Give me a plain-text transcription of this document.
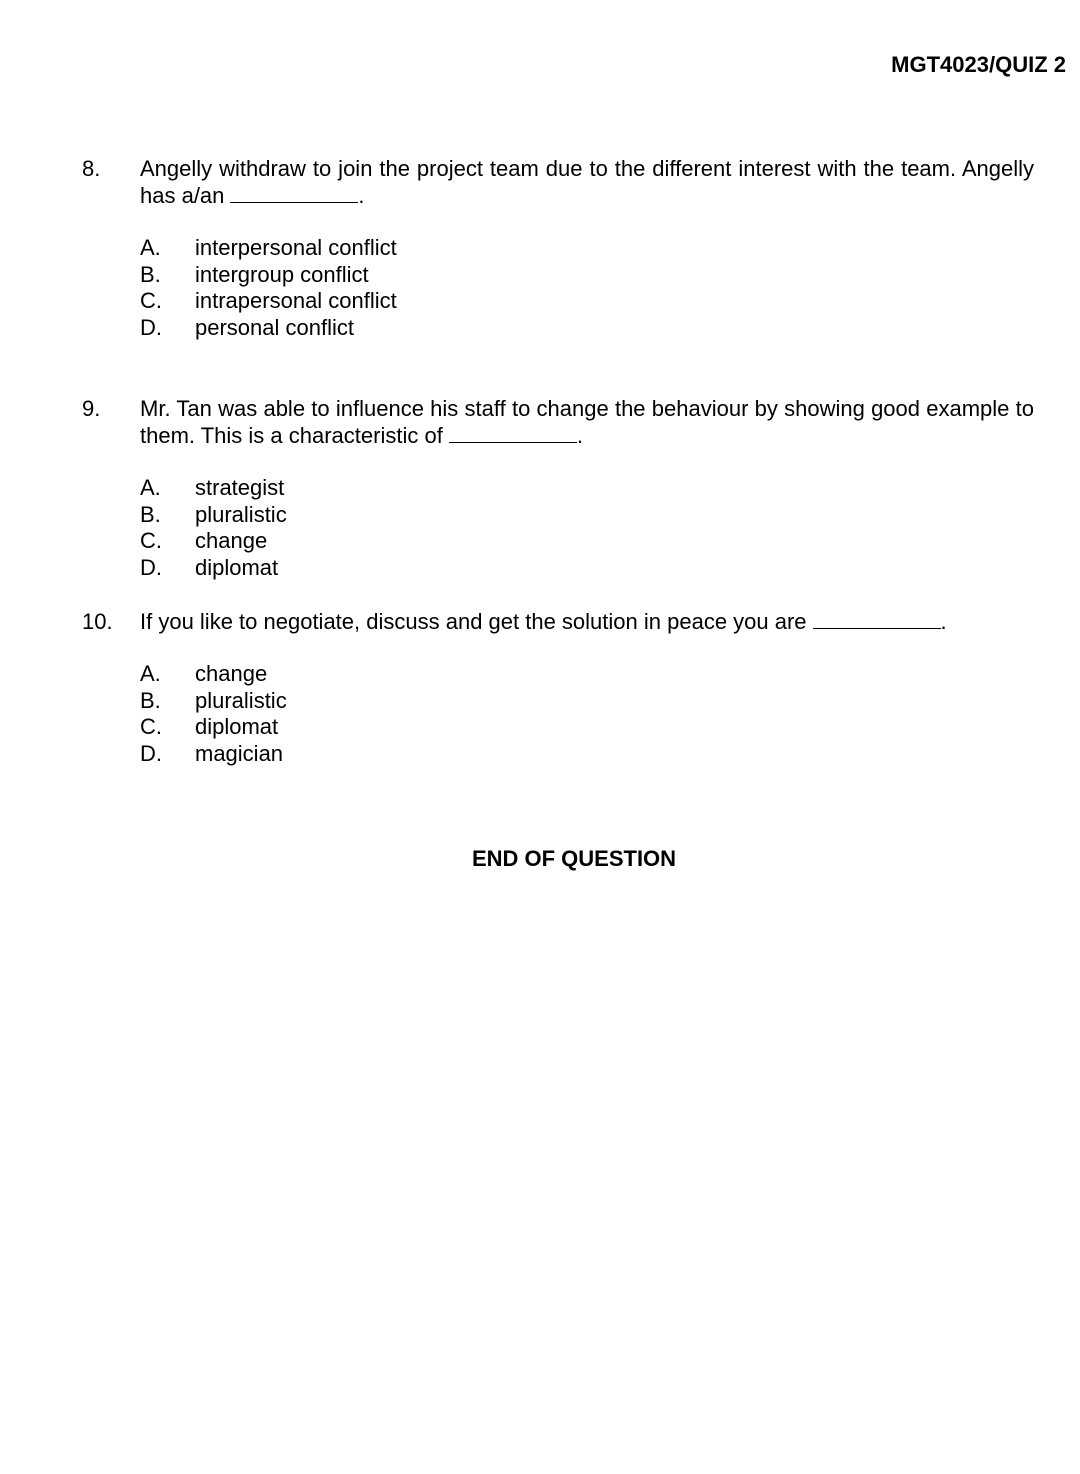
MGT4023/QUIZ 2
8. Angelly withdraw to join the project team due to the different interest with the team. Angelly has a/an	.
A.	interpersonal conflict
B.	intergroup conflict
C.	intrapersonal conflict
D.	personal conflict
9. Mr. Tan was able to influence his staff to change the behaviour by showing good example to them. This is a characteristic of	.
A.	strategist
B.	pluralistic
C.	change
D.	diplomat
10. If you like to negotiate, discuss and get the solution in peace you are	.
A.	change
B.	pluralistic
C.	diplomat
D.	magician
END OF QUESTION
